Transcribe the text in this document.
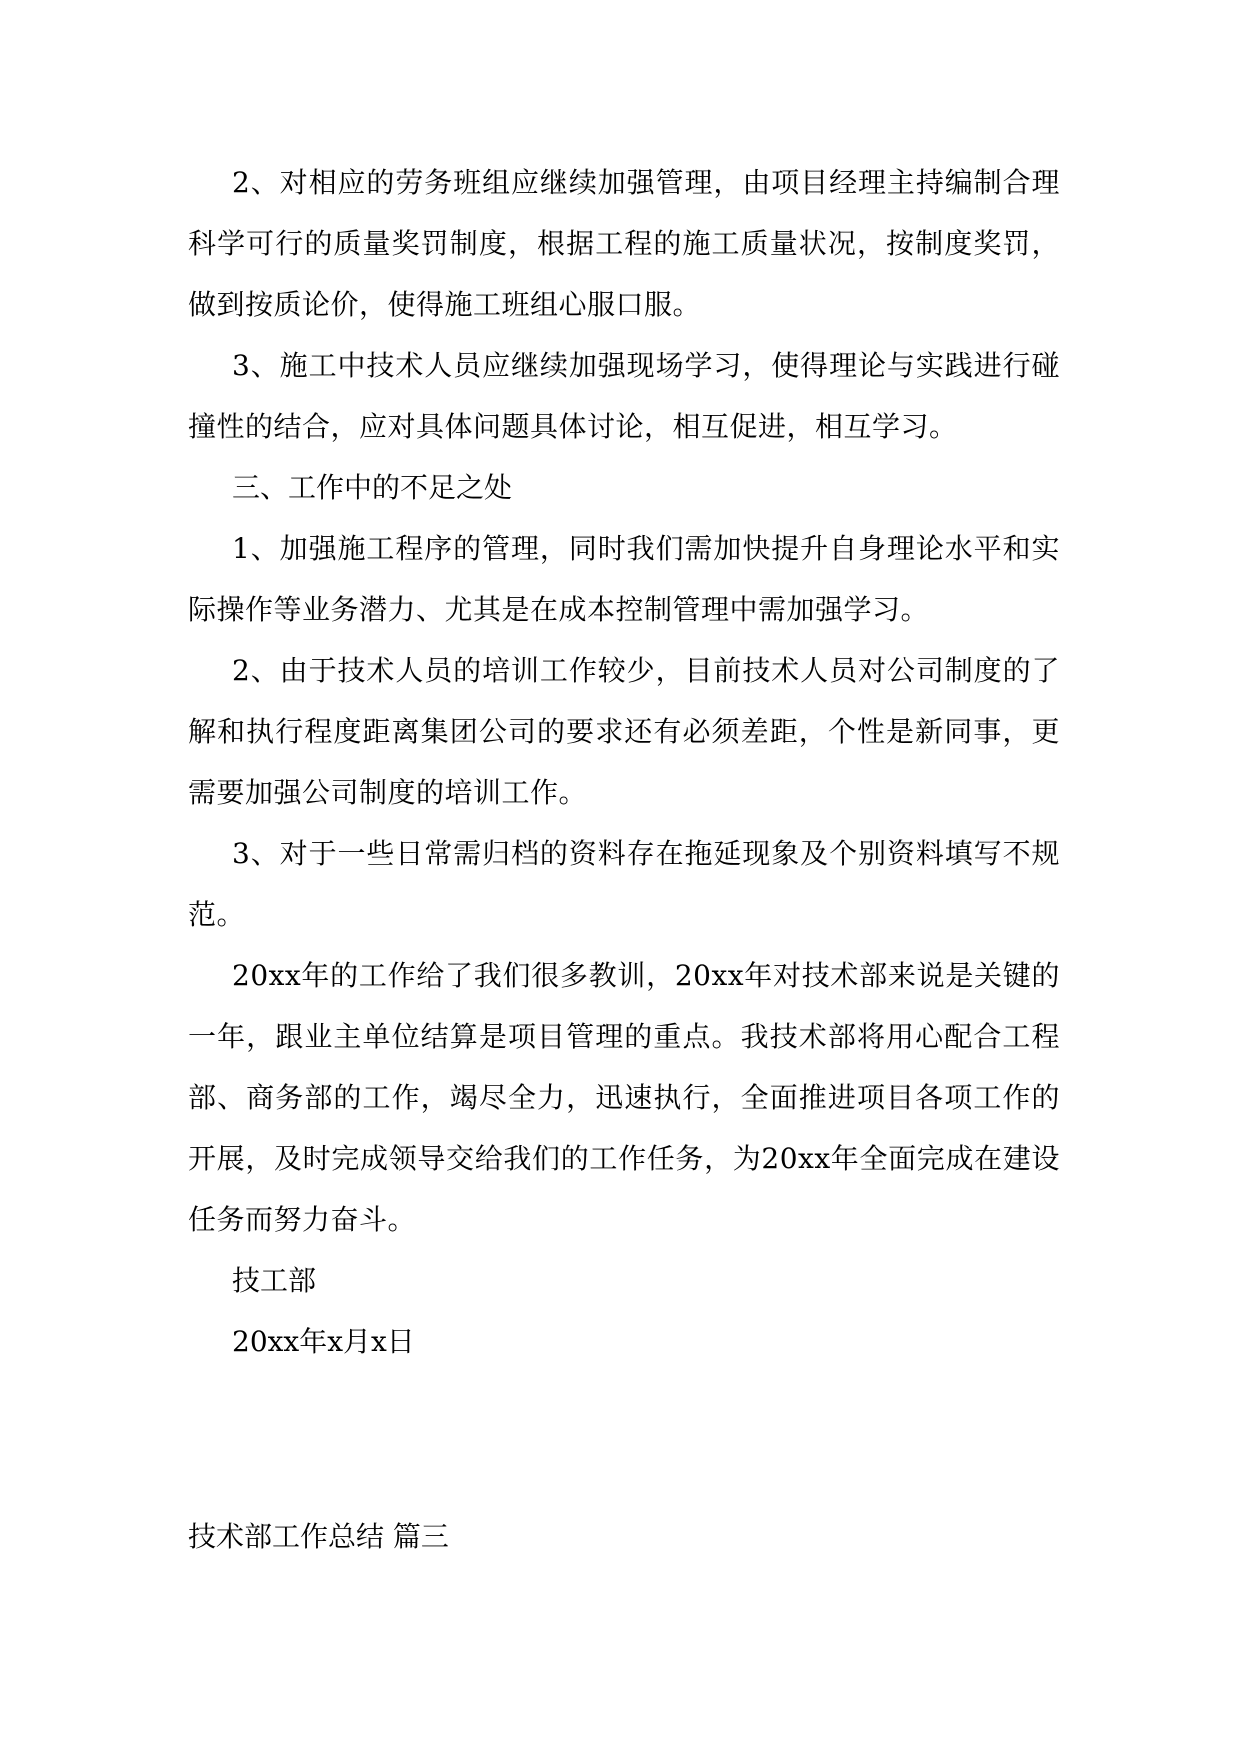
2、对相应的劳务班组应继续加强管理，由项目经理主持编制合理科学可行的质量奖罚制度，根据工程的施工质量状况，按制度奖罚，做到按质论价，使得施工班组心服口服。

3、施工中技术人员应继续加强现场学习，使得理论与实践进行碰撞性的结合，应对具体问题具体讨论，相互促进，相互学习。

三、工作中的不足之处

1、加强施工程序的管理，同时我们需加快提升自身理论水平和实际操作等业务潜力、尤其是在成本控制管理中需加强学习。

2、由于技术人员的培训工作较少，目前技术人员对公司制度的了解和执行程度距离集团公司的要求还有必须差距，个性是新同事，更需要加强公司制度的培训工作。

3、对于一些日常需归档的资料存在拖延现象及个别资料填写不规范。

20xx年的工作给了我们很多教训，20xx年对技术部来说是关键的一年，跟业主单位结算是项目管理的重点。我技术部将用心配合工程部、商务部的工作，竭尽全力，迅速执行，全面推进项目各项工作的开展，及时完成领导交给我们的工作任务，为20xx年全面完成在建设任务而努力奋斗。

技工部

20xx年x月x日

技术部工作总结 篇三
